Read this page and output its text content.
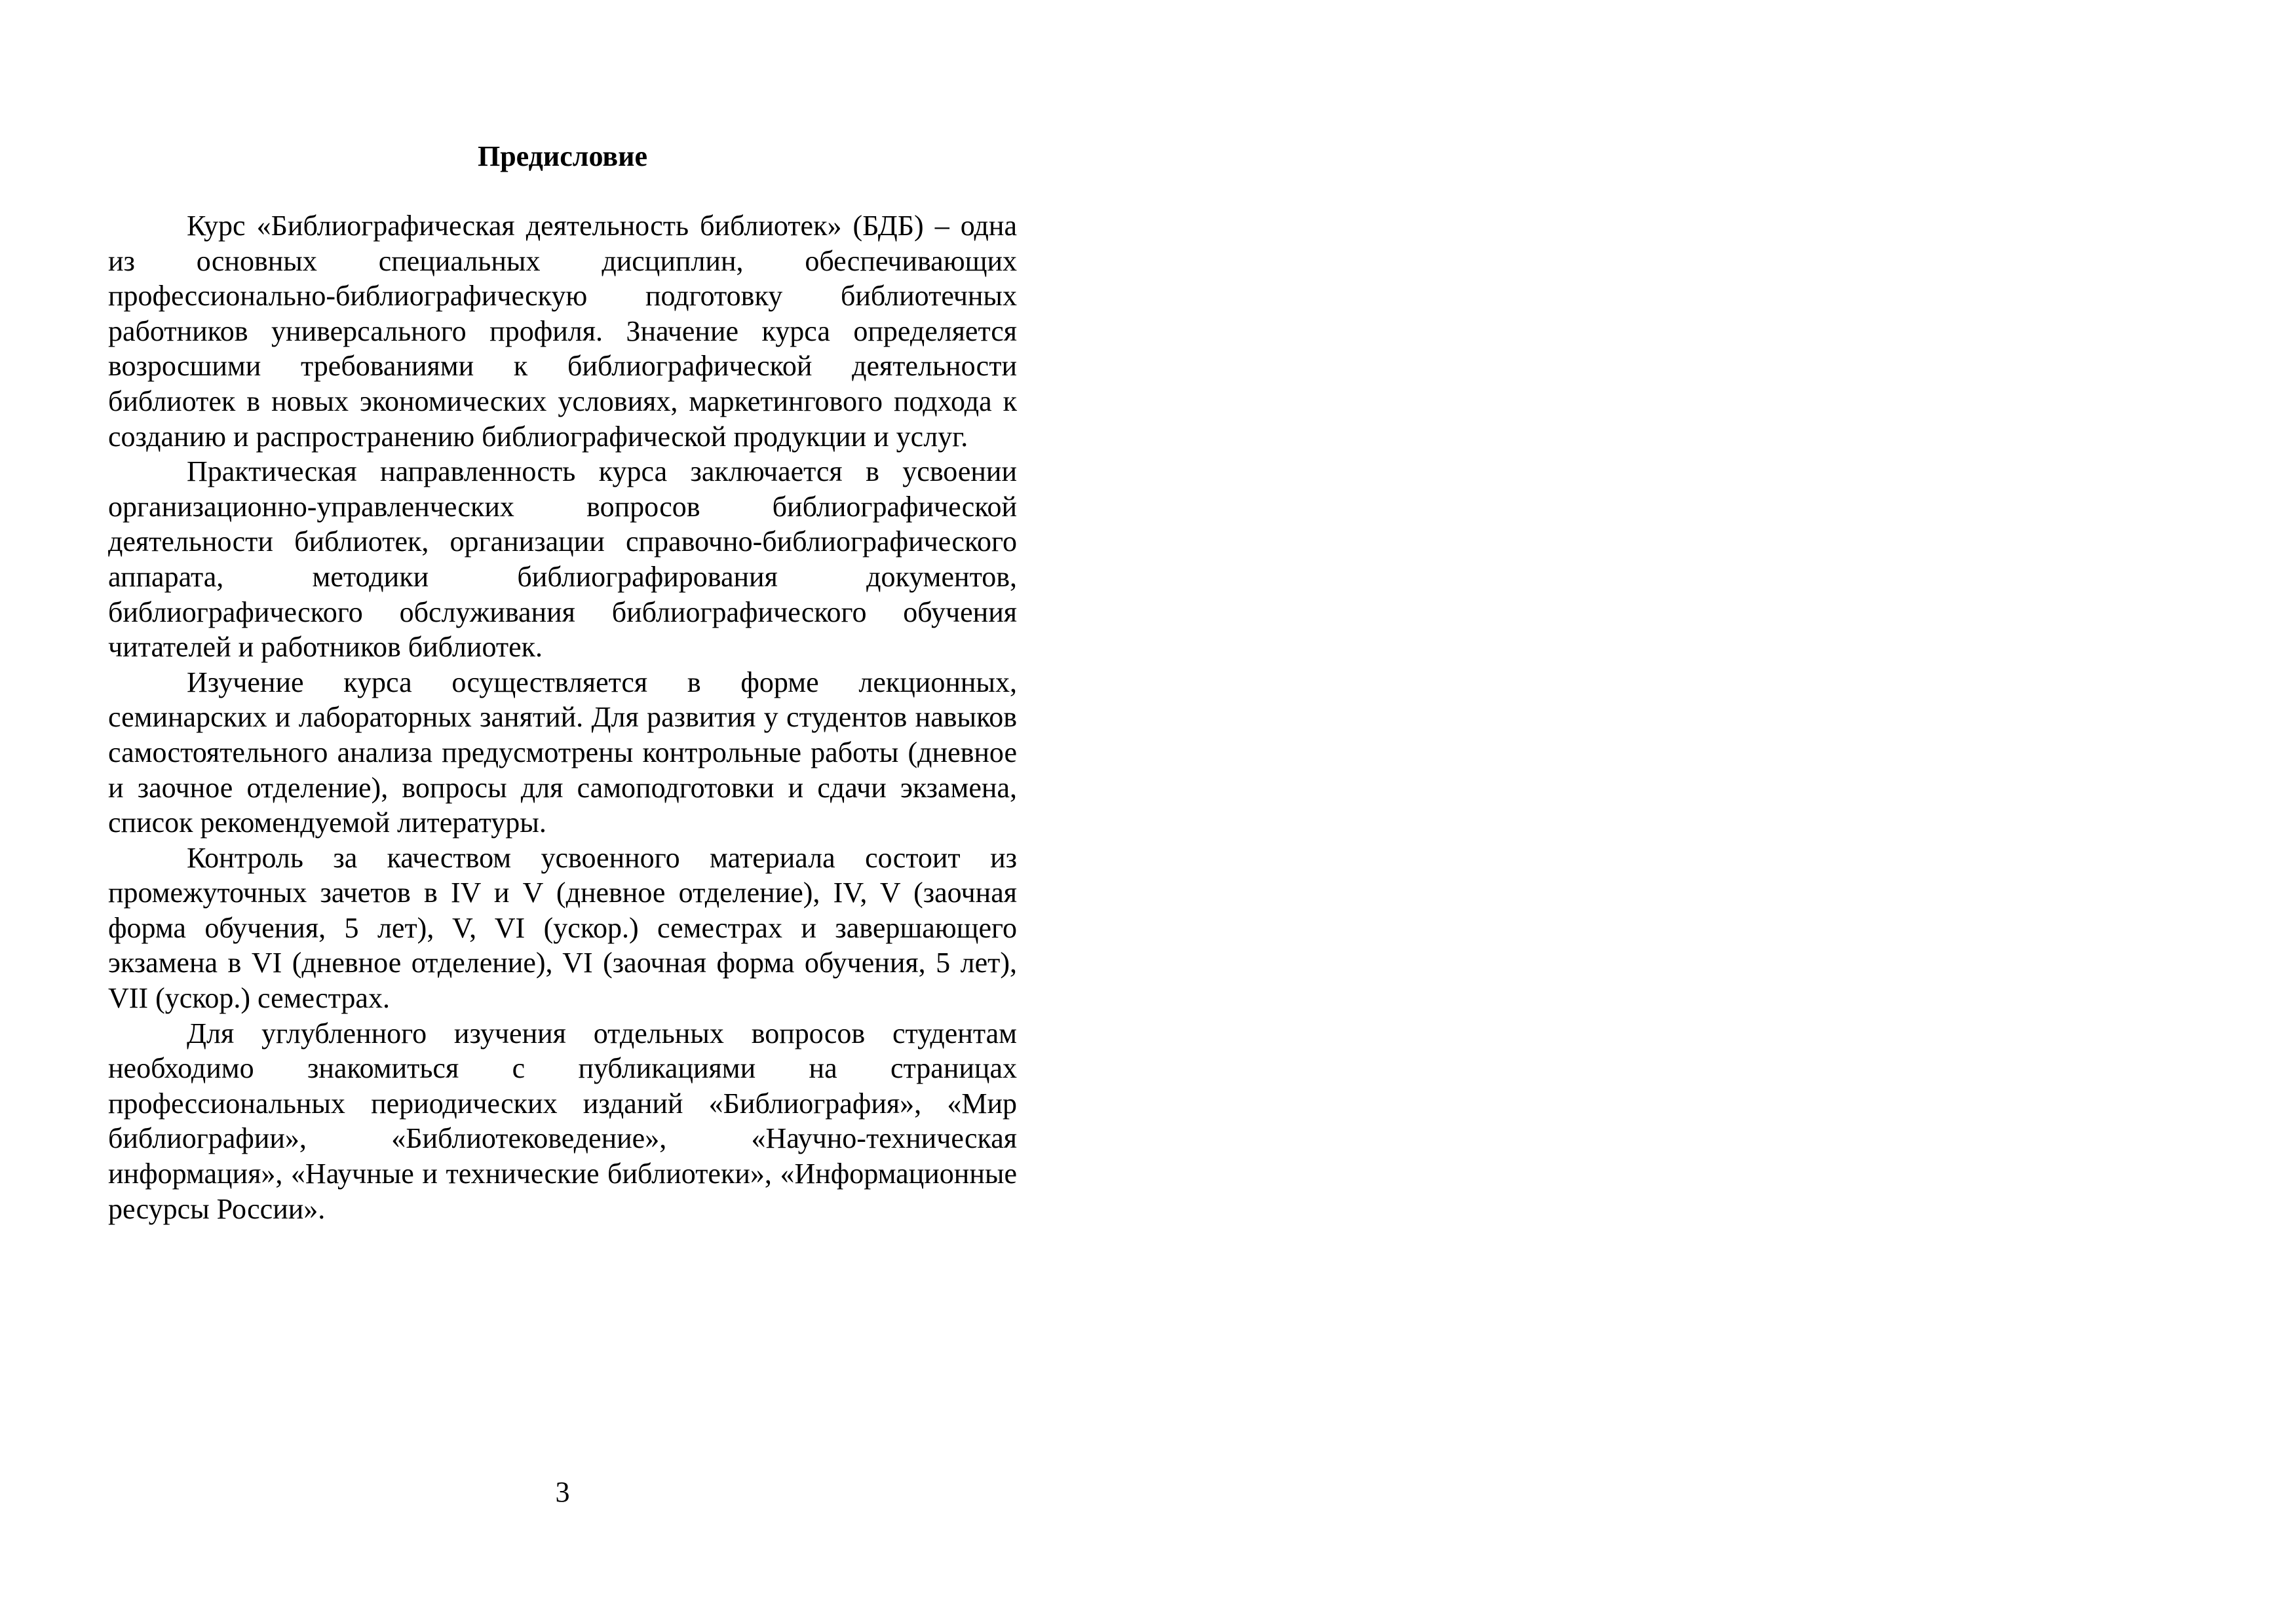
Предисловие

Курс «Библиографическая деятельность библиотек» (БДБ) – одна из основных специальных дисциплин, обеспечивающих профессионально-библиографическую подготовку библиотечных работников универсального профиля. Значение курса определяется возросшими требованиями к библиографической деятельности библиотек в новых экономических условиях, маркетингового подхода к созданию и распространению библиографической продукции и услуг.

Практическая направленность курса заключается в усвоении организационно-управленческих вопросов библиографической деятельности библиотек, организации справочно-библиографического аппарата, методики библиографирования документов, библиографического обслуживания библиографического обучения читателей и работников библиотек.

Изучение курса осуществляется в форме лекционных, семинарских и лабораторных занятий. Для развития у студентов навыков самостоятельного анализа предусмотрены контрольные работы (дневное и заочное отделение), вопросы для самоподготовки и сдачи экзамена, список рекомендуемой литературы.

Контроль за качеством усвоенного материала состоит из промежуточных зачетов в IV и V (дневное отделение), IV, V (заочная форма обучения, 5 лет), V, VI (ускор.) семестрах и завершающего экзамена в VI (дневное отделение), VI (заочная форма обучения, 5 лет), VII (ускор.) семестрах.

Для углубленного изучения отдельных вопросов студентам необходимо знакомиться с публикациями на страницах профессиональных периодических изданий «Библиография», «Мир библиографии», «Библиотековедение», «Научно-техническая информация», «Научные и технические библиотеки», «Информационные ресурсы России».

3
